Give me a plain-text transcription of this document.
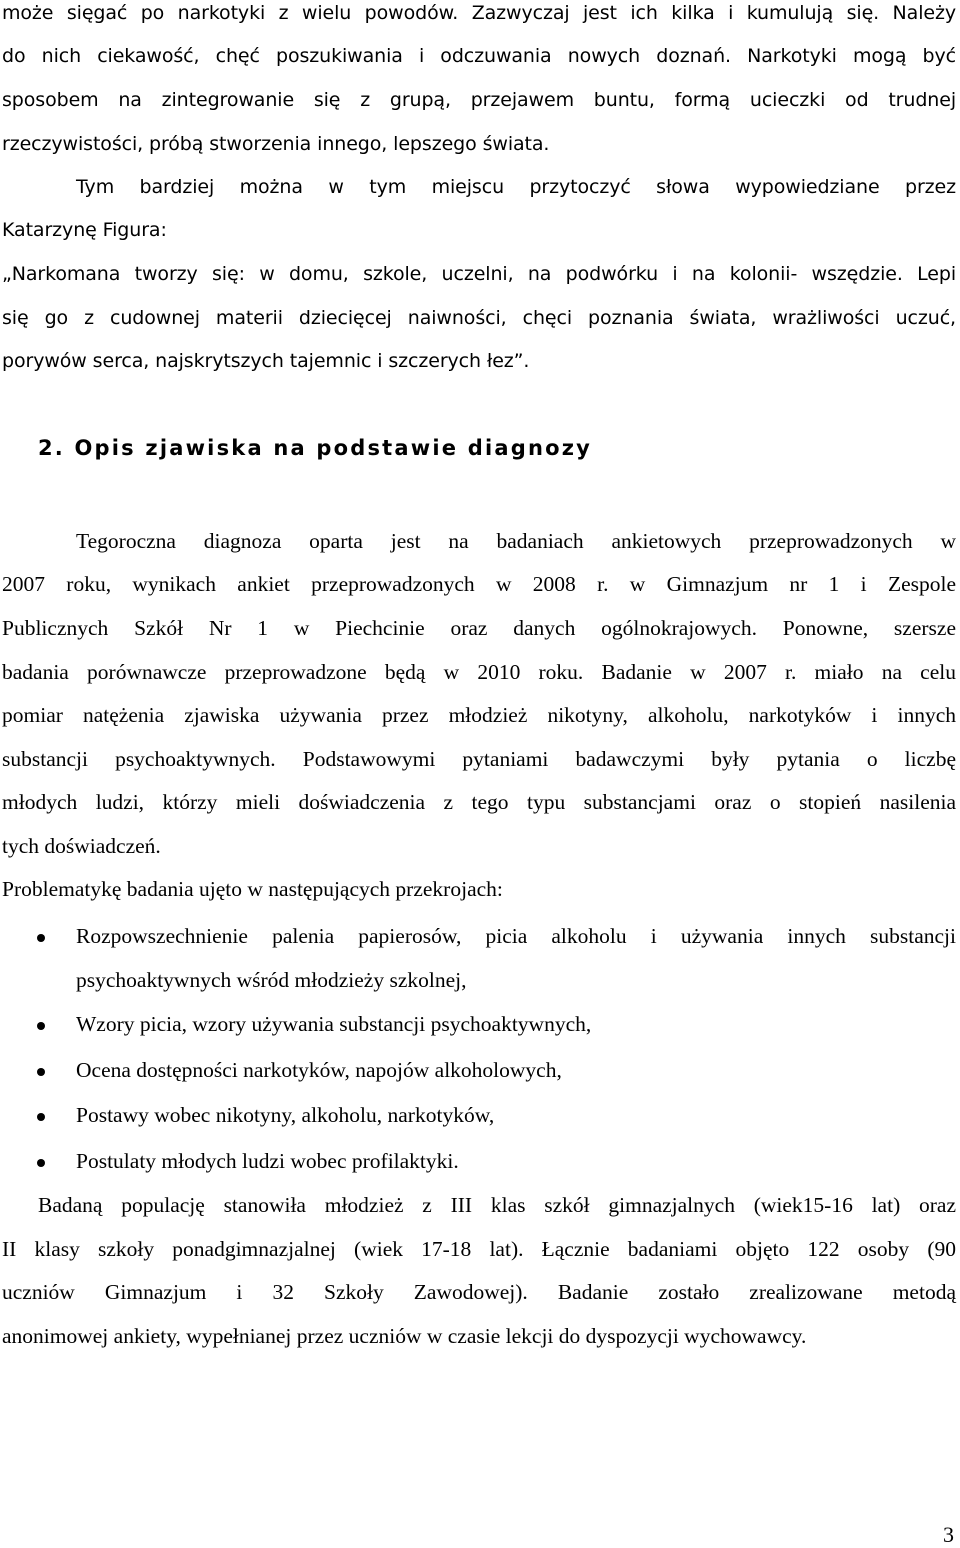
może sięgać po narkotyki z wielu powodów. Zazwyczaj jest ich kilka i kumulują się. Należy
do nich ciekawość, chęć poszukiwania i odczuwania nowych doznań. Narkotyki mogą być
sposobem na zintegrowanie się z grupą, przejawem buntu, formą ucieczki od trudnej
rzeczywistości, próbą stworzenia innego, lepszego świata.
Tym bardziej można w tym miejscu przytoczyć słowa wypowiedziane przez
Katarzynę Figura:
„Narkomana tworzy się: w domu, szkole, uczelni, na podwórku i na kolonii- wszędzie. Lepi
się go z cudownej materii dziecięcej naiwności, chęci poznania świata, wrażliwości uczuć,
porywów serca, najskrytszych tajemnic i szczerych łez”.
2. Opis zjawiska na podstawie diagnozy
Tegoroczna diagnoza oparta jest na badaniach ankietowych przeprowadzonych w
2007 roku, wynikach ankiet przeprowadzonych w 2008 r. w Gimnazjum nr 1 i Zespole
Publicznych Szkół Nr 1 w Piechcinie oraz danych ogólnokrajowych. Ponowne, szersze
badania porównawcze przeprowadzone będą w 2010 roku. Badanie w 2007 r. miało na celu
pomiar natężenia zjawiska używania przez młodzież nikotyny, alkoholu, narkotyków i innych
substancji psychoaktywnych. Podstawowymi pytaniami badawczymi były pytania o liczbę
młodych ludzi, którzy mieli doświadczenia z tego typu substancjami oraz o stopień nasilenia
tych doświadczeń.
Problematykę badania ujęto w następujących przekrojach:
Rozpowszechnienie palenia papierosów, picia alkoholu i używania innych substancji
psychoaktywnych wśród młodzieży szkolnej,
Wzory picia, wzory używania substancji psychoaktywnych,
Ocena dostępności narkotyków, napojów alkoholowych,
Postawy wobec nikotyny, alkoholu, narkotyków,
Postulaty młodych ludzi wobec profilaktyki.
Badaną populację stanowiła młodzież z III klas szkół gimnazjalnych (wiek15-16 lat) oraz
II klasy szkoły ponadgimnazjalnej (wiek 17-18 lat). Łącznie badaniami objęto 122 osoby (90
uczniów Gimnazjum i 32 Szkoły Zawodowej). Badanie zostało zrealizowane metodą
anonimowej ankiety, wypełnianej przez uczniów w czasie lekcji do dyspozycji wychowawcy.
3
